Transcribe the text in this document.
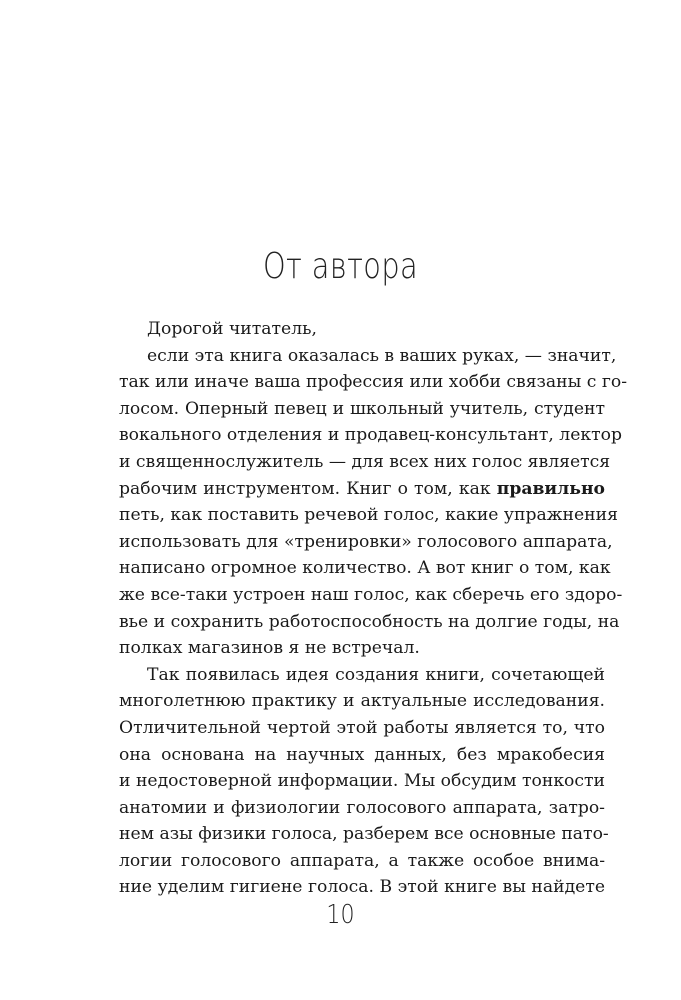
От автора
Дорогой читатель,
если эта книга оказалась в ваших руках, — значит,
так или иначе ваша профессия или хобби связаны с го-
лосом. Оперный певец и школьный учитель, студент
вокального отделения и продавец-консультант, лектор
и священнослужитель — для всех них голос является
рабочим инструментом. Книг о том, как правильно
петь, как поставить речевой голос, какие упражнения
использовать для «тренировки» голосового аппарата,
написано огромное количество. А вот книг о том, как
же все-таки устроен наш голос, как сберечь его здоро-
вье и сохранить работоспособность на долгие годы, на
полках магазинов я не встречал.
Так появилась идея создания книги, сочетающей
многолетнюю практику и актуальные исследования.
Отличительной чертой этой работы является то, что
она основана на научных данных, без мракобесия
и недостоверной информации. Мы обсудим тонкости
анатомии и физиологии голосового аппарата, затро-
нем азы физики голоса, разберем все основные пато-
логии голосового аппарата, а также особое внима-
ние уделим гигиене голоса. В этой книге вы найдете
10
